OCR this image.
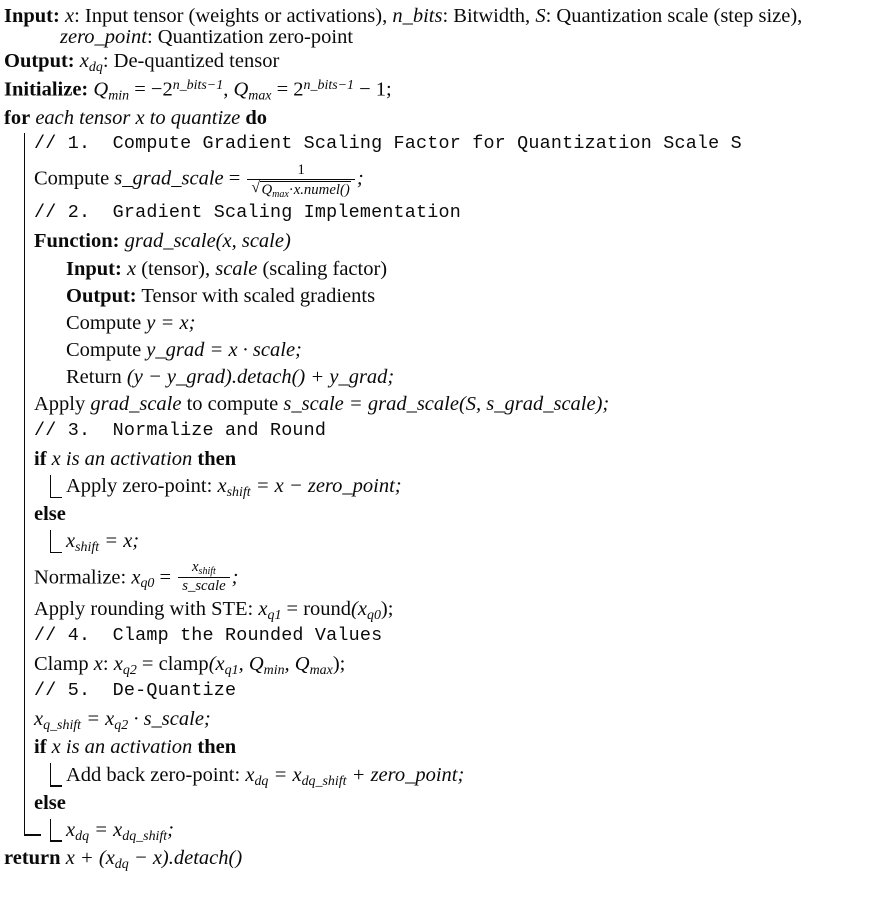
Input: x: Input tensor (weights or activations), n_bits: Bitwidth, S: Quantization scale (step size), zero_point: Quantization zero-point
Output: $x_{dq}$: De-quantized tensor
Initialize: $Q_{min} = -2^{n\_bits-1}$, $Q_{max} = 2^{n\_bits-1} - 1$;
for each tensor x to quantize do
// 1.  Compute Gradient Scaling Factor for Quantization Scale S
Compute s_grad_scale = 1
√ $Q_{max}\cdot x.numel()$ ;
// 2.  Gradient Scaling Implementation
Function: grad_scale(x, scale)
Input: x (tensor), scale (scaling factor)
Output: Tensor with scaled gradients
Compute y = x;
Compute y_grad = x · scale;
Return (y − y_grad).detach() + y_grad;
Apply grad_scale to compute s_scale = grad_scale(S, s_grad_scale);
// 3.  Normalize and Round
if x is an activation then
Apply zero-point: $x_{shift} = x$ − zero_point;
else
$x_{shift} = x$;
Normalize: $x_{q0} = \frac{x_{shift}}{\text{s\_scale}}$ ;
Apply rounding with STE: $x_{q1}$ = $round(x_{q0})$;
// 4.  Clamp the Rounded Values
Clamp x: $x_{q2}$ = $clamp(x_{q1}$, $Q_{min}$, $Q_{max}$);
// 5.  De-Quantize
$x_{q\_shift} = x_{q2}$ · s_scale;
if x is an activation then
Add back zero-point: $x_{dq} = x_{dq\_shift}$ + zero_point;
else
$x_{dq} = x_{dq\_shift}$;
return $x + (x_{dq}$ − x).detach()
